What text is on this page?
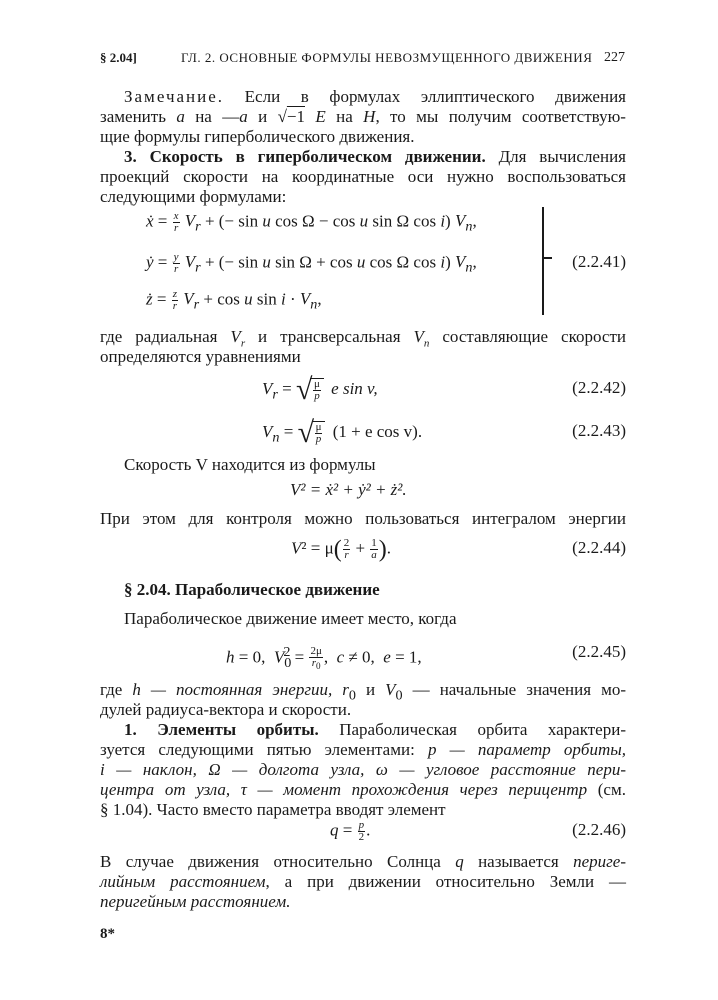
§ 2.04]	ГЛ. 2. ОСНОВНЫЕ ФОРМУЛЫ НЕВОЗМУЩЕННОГО ДВИЖЕНИЯ 227
Замечание. Если в формулах эллиптического движения
заменить a на —a и √−1 E на H, то мы получим соответствую-
щие формулы гиперболического движения.
3. Скорость в гиперболическом движении. Для вычисления
проекций скорости на координатные оси нужно воспользоваться
следующими формулами:
ẋ = $\frac{x}{r} V_r$ + (− sin u cos Ω − cos u sin Ω cos i) $V_n$,
ẏ = $\frac{y}{r} V_r$ + (− sin u sin Ω + cos u cos Ω cos i) $V_n$,
ż = $\frac{z}{r} V_r + \cos u$ $\sin i \cdot V_n$,
(2.2.41)
где радиальная $V_r$ и трансверсальная $V_n$ составляющие скорости
определяются уравнениями
$V_r$ = √ $\frac{\mu}{p}$ e sin v,	(2.2.42)
$V_n$ = √ $\frac{\mu}{p} (1 + e$ cos v).	(2.2.43)
Скорость V находится из формулы
V² = ẋ² + ẏ² + ż².
При этом для контроля можно пользоваться интегралом энергии
$V^2 = \mu( \frac{2}{r} + \frac{1}{a}$ ).	(2.2.44)
§ 2.04. Параболическое движение
Параболическое движение имеет место, когда
h = 0,  $V_0^2 = \frac{2\mu}{r_0}$ ,  c ≠ 0,  e = 1,	(2.2.45)
где h — постоянная энергии, $r_0$ и $V_0$ — начальные значения мо-
дулей радиуса-вектора и скорости.
1. Элементы орбиты. Параболическая орбита характери-
зуется следующими пятью элементами: p — параметр орбиты,
i — наклон, Ω — долгота узла, ω — угловое расстояние пери-
центра от узла, τ — момент прохождения через перицентр (см.
§ 1.04). Часто вместо параметра вводят элемент
$q = \frac{p}{2}$ .	(2.2.46)
В случае движения относительно Солнца q называется периге-
лийным расстоянием, а при движении относительно Земли —
перигейным расстоянием.
8*
